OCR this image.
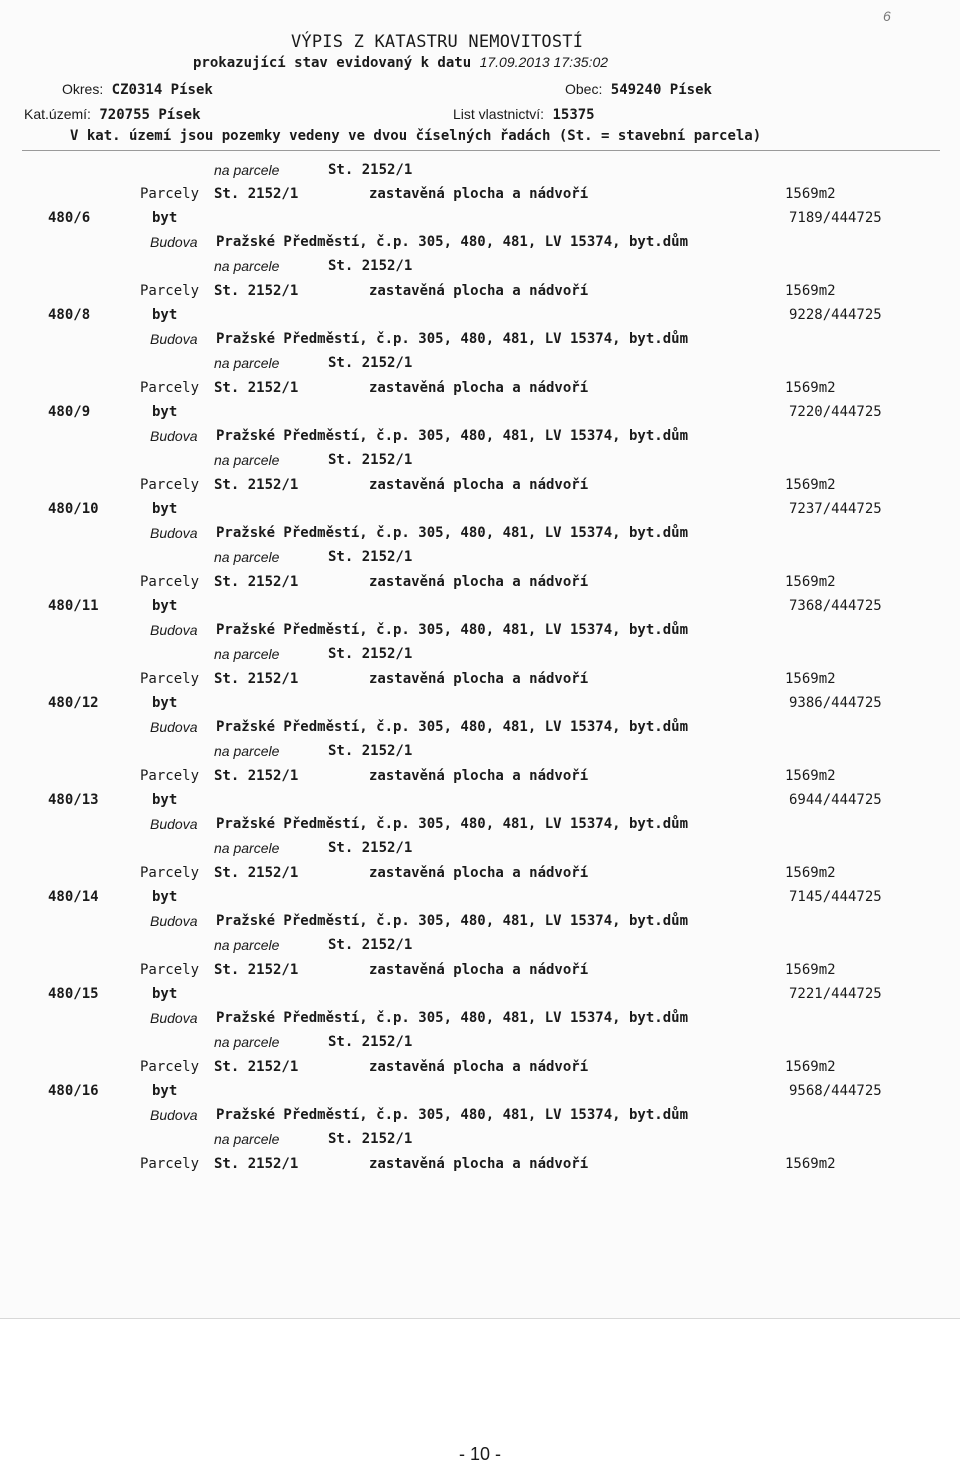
6
VÝPIS Z KATASTRU NEMOVITOSTÍ
prokazující stav evidovaný k datu 17.09.2013 17:35:02
Okres: CZ0314 Písek	Obec: 549240 Písek
Kat.území: 720755 Písek	List vlastnictví: 15375
V kat. území jsou pozemky vedeny ve dvou číselných řadách (St. = stavební parcela)
na parcele	St. 2152/1
Parcely St. 2152/1	zastavěná plocha a nádvoří	1569m2
480/6	byt	7189/444725
Budova Pražské Předměstí, č.p. 305, 480, 481, LV 15374, byt.dům
na parcele	St. 2152/1
Parcely St. 2152/1	zastavěná plocha a nádvoří	1569m2
480/8	byt	9228/444725
Budova Pražské Předměstí, č.p. 305, 480, 481, LV 15374, byt.dům
na parcele	St. 2152/1
Parcely St. 2152/1	zastavěná plocha a nádvoří	1569m2
480/9	byt	7220/444725
Budova Pražské Předměstí, č.p. 305, 480, 481, LV 15374, byt.dům
na parcele	St. 2152/1
Parcely St. 2152/1	zastavěná plocha a nádvoří	1569m2
480/10	byt	7237/444725
Budova Pražské Předměstí, č.p. 305, 480, 481, LV 15374, byt.dům
na parcele	St. 2152/1
Parcely St. 2152/1	zastavěná plocha a nádvoří	1569m2
480/11	byt	7368/444725
Budova Pražské Předměstí, č.p. 305, 480, 481, LV 15374, byt.dům
na parcele	St. 2152/1
Parcely St. 2152/1	zastavěná plocha a nádvoří	1569m2
480/12	byt	9386/444725
Budova Pražské Předměstí, č.p. 305, 480, 481, LV 15374, byt.dům
na parcele	St. 2152/1
Parcely St. 2152/1	zastavěná plocha a nádvoří	1569m2
480/13	byt	6944/444725
Budova Pražské Předměstí, č.p. 305, 480, 481, LV 15374, byt.dům
na parcele	St. 2152/1
Parcely St. 2152/1	zastavěná plocha a nádvoří	1569m2
480/14	byt	7145/444725
Budova Pražské Předměstí, č.p. 305, 480, 481, LV 15374, byt.dům
na parcele	St. 2152/1
Parcely St. 2152/1	zastavěná plocha a nádvoří	1569m2
480/15	byt	7221/444725
Budova Pražské Předměstí, č.p. 305, 480, 481, LV 15374, byt.dům
na parcele	St. 2152/1
Parcely St. 2152/1	zastavěná plocha a nádvoří	1569m2
480/16	byt	9568/444725
Budova Pražské Předměstí, č.p. 305, 480, 481, LV 15374, byt.dům
na parcele	St. 2152/1
Parcely St. 2152/1	zastavěná plocha a nádvoří	1569m2
- 10 -
